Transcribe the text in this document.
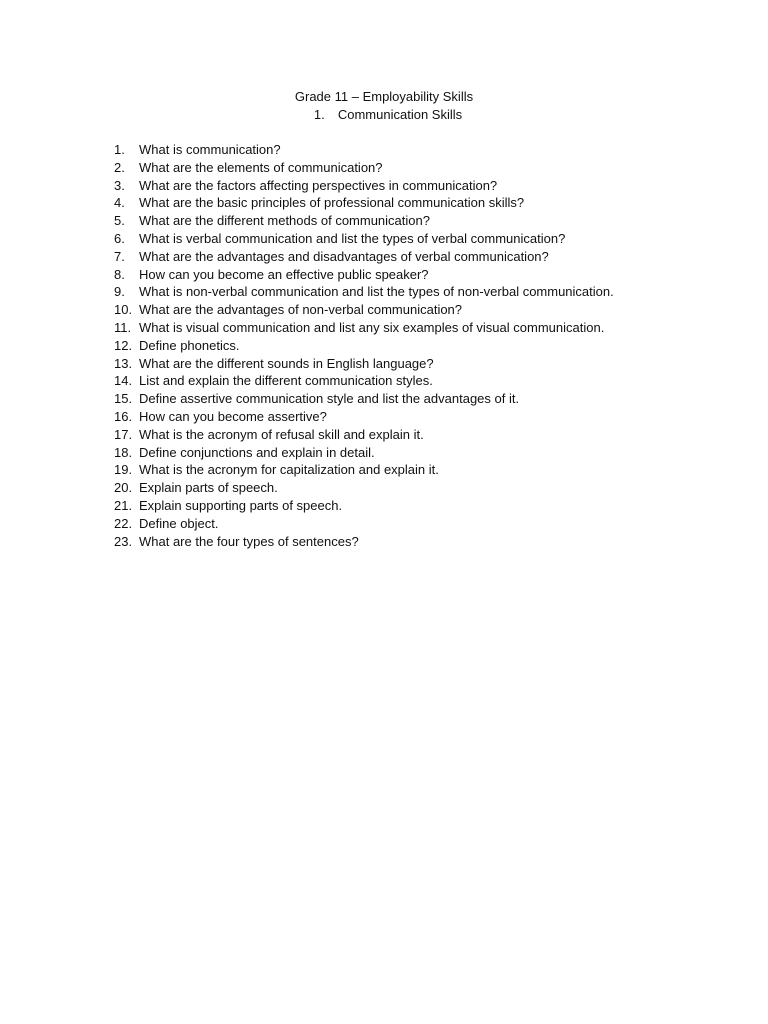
Grade 11 – Employability Skills
1. Communication Skills
1.	What is communication?
2.	What are the elements of communication?
3.	What are the factors affecting perspectives in communication?
4.	What are the basic principles of professional communication skills?
5.	What are the different methods of communication?
6.	What is verbal communication and list the types of verbal communication?
7.	What are the advantages and disadvantages of verbal communication?
8.	How can you become an effective public speaker?
9.	What is non-verbal communication and list the types of non-verbal communication.
10. What are the advantages of non-verbal communication?
11. What is visual communication and list any six examples of visual communication.
12. Define phonetics.
13. What are the different sounds in English language?
14. List and explain the different communication styles.
15. Define assertive communication style and list the advantages of it.
16. How can you become assertive?
17. What is the acronym of refusal skill and explain it.
18. Define conjunctions and explain in detail.
19. What is the acronym for capitalization and explain it.
20. Explain parts of speech.
21. Explain supporting parts of speech.
22. Define object.
23. What are the four types of sentences?
